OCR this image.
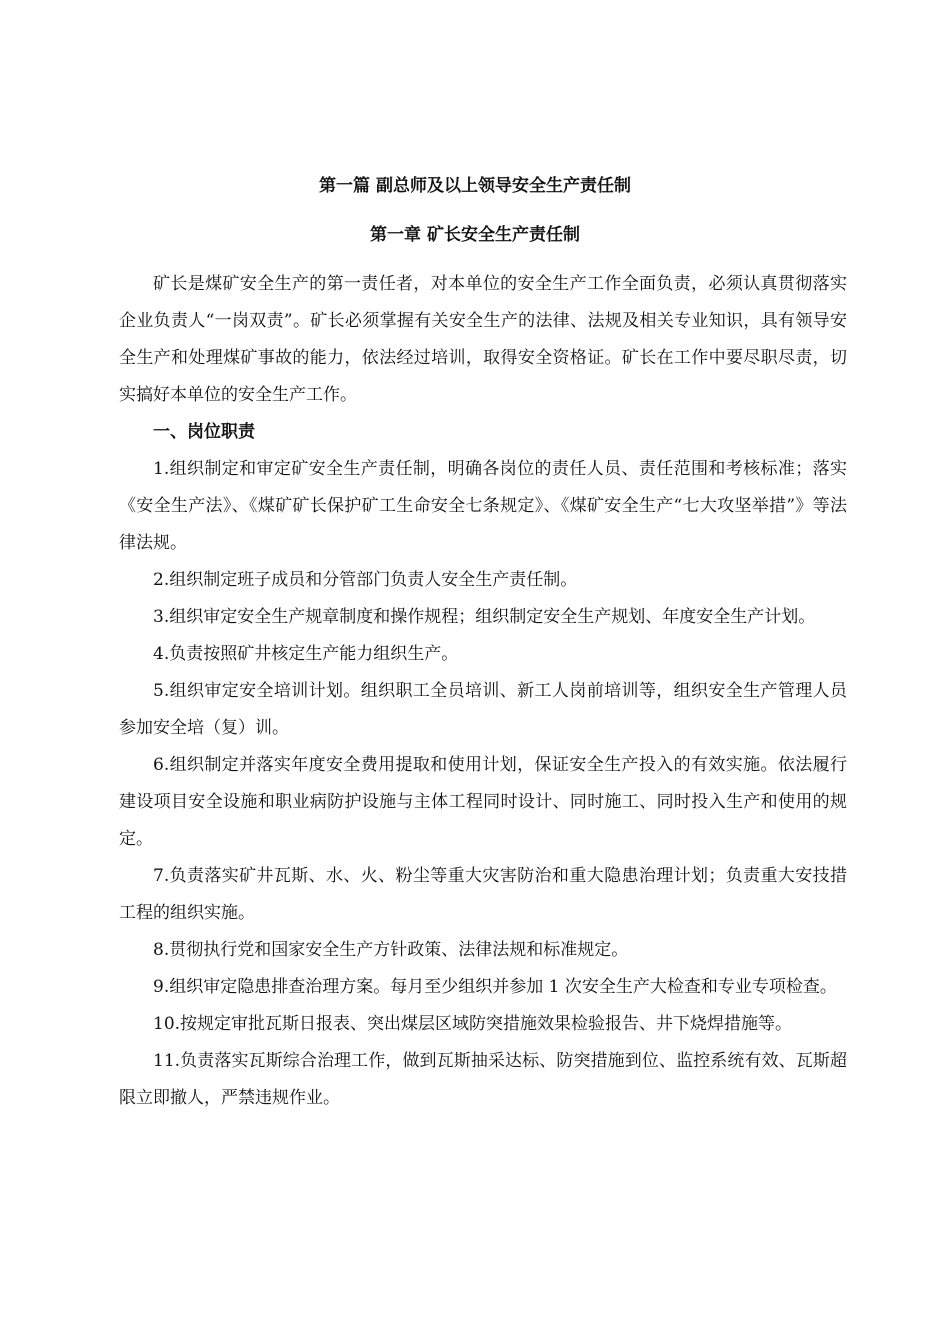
第一篇 副总师及以上领导安全生产责任制
第一章 矿长安全生产责任制

矿长是煤矿安全生产的第一责任者，对本单位的安全生产工作全面负责，必须认真贯彻落实企业负责人“一岗双责”。矿长必须掌握有关安全生产的法律、法规及相关专业知识，具有领导安全生产和处理煤矿事故的能力，依法经过培训，取得安全资格证。矿长在工作中要尽职尽责，切实搞好本单位的安全生产工作。

一、岗位职责

1.组织制定和审定矿安全生产责任制，明确各岗位的责任人员、责任范围和考核标准；落实《安全生产法》、《煤矿矿长保护矿工生命安全七条规定》、《煤矿安全生产“七大攻坚举措”》等法律法规。

2.组织制定班子成员和分管部门负责人安全生产责任制。

3.组织审定安全生产规章制度和操作规程；组织制定安全生产规划、年度安全生产计划。

4.负责按照矿井核定生产能力组织生产。

5.组织审定安全培训计划。组织职工全员培训、新工人岗前培训等，组织安全生产管理人员参加安全培（复）训。

6.组织制定并落实年度安全费用提取和使用计划，保证安全生产投入的有效实施。依法履行建设项目安全设施和职业病防护设施与主体工程同时设计、同时施工、同时投入生产和使用的规定。

7.负责落实矿井瓦斯、水、火、粉尘等重大灾害防治和重大隐患治理计划；负责重大安技措工程的组织实施。

8.贯彻执行党和国家安全生产方针政策、法律法规和标准规定。

9.组织审定隐患排查治理方案。每月至少组织并参加 1 次安全生产大检查和专业专项检查。

10.按规定审批瓦斯日报表、突出煤层区域防突措施效果检验报告、井下烧焊措施等。

11.负责落实瓦斯综合治理工作，做到瓦斯抽采达标、防突措施到位、监控系统有效、瓦斯超限立即撤人，严禁违规作业。
